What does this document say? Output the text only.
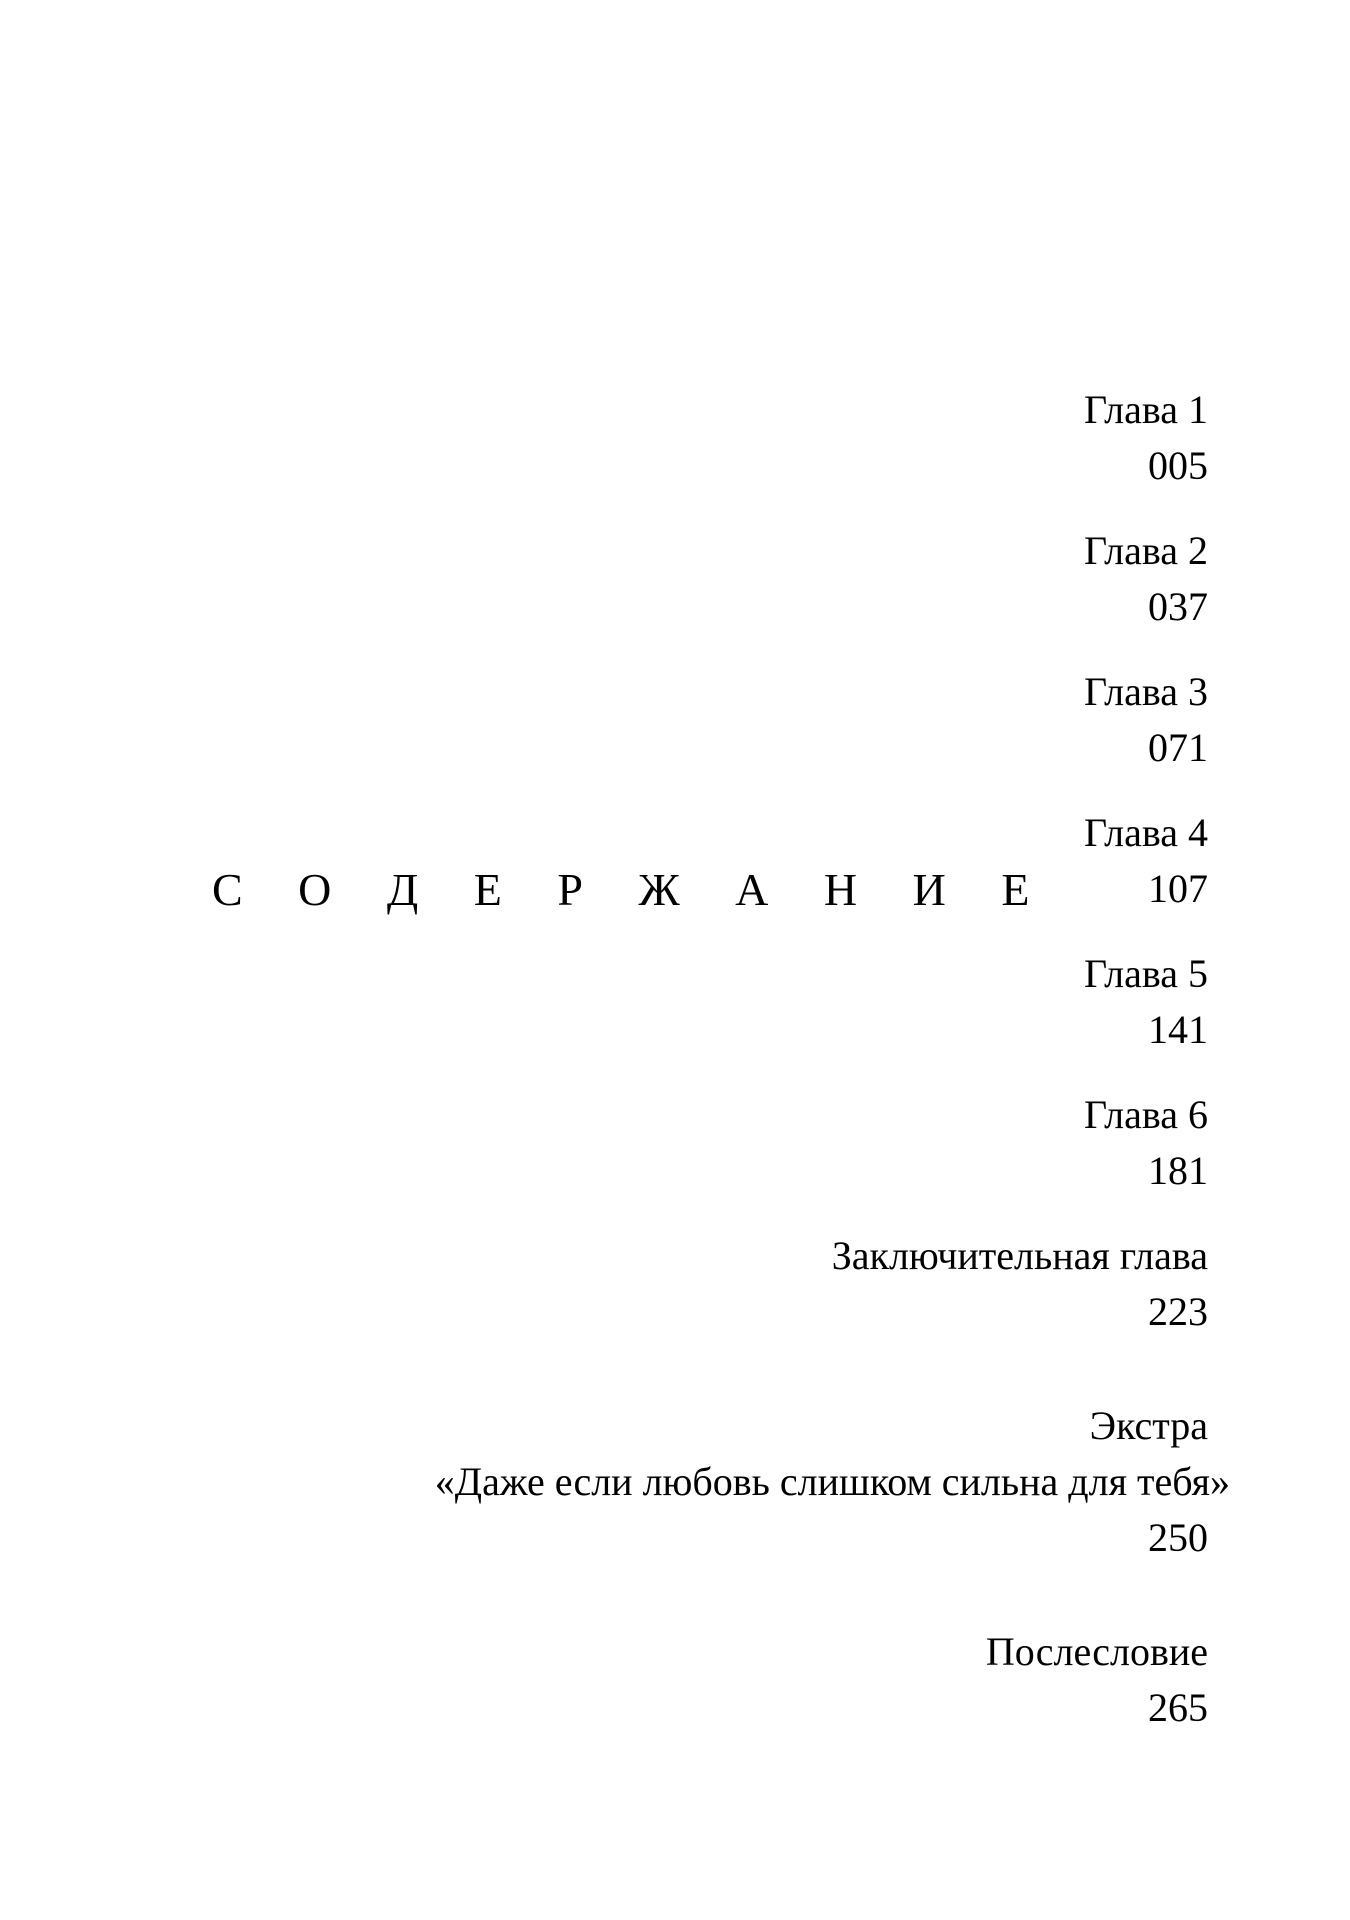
С О Д Е Р Ж А Н И Е
Глава 1
005
Глава 2
037
Глава 3
071
Глава 4
107
Глава 5
141
Глава 6
181
Заключительная глава
223
Экстра
«Даже если любовь слишком сильна для тебя»
250
Послесловие
265
